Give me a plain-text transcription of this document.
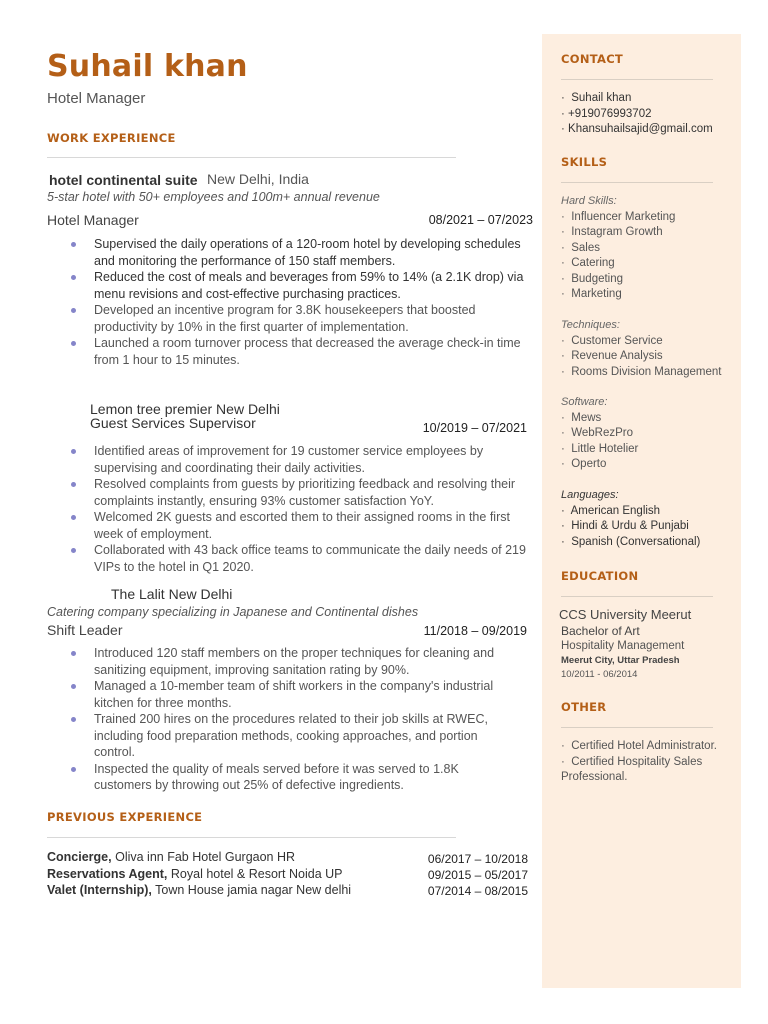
Suhail khan
Hotel Manager
WORK EXPERIENCE
hotel continental suite New Delhi, India
5-star hotel with 50+ employees and 100m+ annual revenue
Hotel Manager	08/2021 – 07/2023
Supervised the daily operations of a 120-room hotel by developing schedules and monitoring the performance of 150 staff members.
Reduced the cost of meals and beverages from 59% to 14% (a 2.1K drop) via menu revisions and cost-effective purchasing practices.
Developed an incentive program for 3.8K housekeepers that boosted productivity by 10% in the first quarter of implementation.
Launched a room turnover process that decreased the average check-in time from 1 hour to 15 minutes.
Lemon tree premier New Delhi
Guest Services Supervisor	10/2019 – 07/2021
Identified areas of improvement for 19 customer service employees by supervising and coordinating their daily activities.
Resolved complaints from guests by prioritizing feedback and resolving their complaints instantly, ensuring 93% customer satisfaction YoY.
Welcomed 2K guests and escorted them to their assigned rooms in the first week of employment.
Collaborated with 43 back office teams to communicate the daily needs of 219 VIPs to the hotel in Q1 2020.
The Lalit New Delhi
Catering company specializing in Japanese and Continental dishes
Shift Leader	11/2018 – 09/2019
Introduced 120 staff members on the proper techniques for cleaning and sanitizing equipment, improving sanitation rating by 90%.
Managed a 10-member team of shift workers in the company's industrial kitchen for three months.
Trained 200 hires on the procedures related to their job skills at RWEC, including food preparation methods, cooking approaches, and portion control.
Inspected the quality of meals served before it was served to 1.8K customers by throwing out 25% of defective ingredients.
PREVIOUS EXPERIENCE
Concierge, Oliva inn Fab Hotel Gurgaon HR	06/2017 – 10/2018
Reservations Agent, Royal hotel & Resort Noida UP	09/2015 – 05/2017
Valet (Internship), Town House jamia nagar New delhi	07/2014 – 08/2015
CONTACT
·  Suhail khan
· +919076993702
· Khansuhailsajid@gmail.com
SKILLS
Hard Skills:
·  Influencer Marketing
·  Instagram Growth
·  Sales
·  Catering
·  Budgeting
·  Marketing
Techniques:
·  Customer Service
·  Revenue Analysis
·  Rooms Division Management
Software:
·  Mews
·  WebRezPro
·  Little Hotelier
·  Operto
Languages:
·  American English
·  Hindi & Urdu & Punjabi
·  Spanish (Conversational)
EDUCATION
CCS University Meerut
Bachelor of Art
Hospitality Management
Meerut City, Uttar Pradesh
10/2011 - 06/2014
OTHER
·  Certified Hotel Administrator.
·  Certified Hospitality Sales Professional.
